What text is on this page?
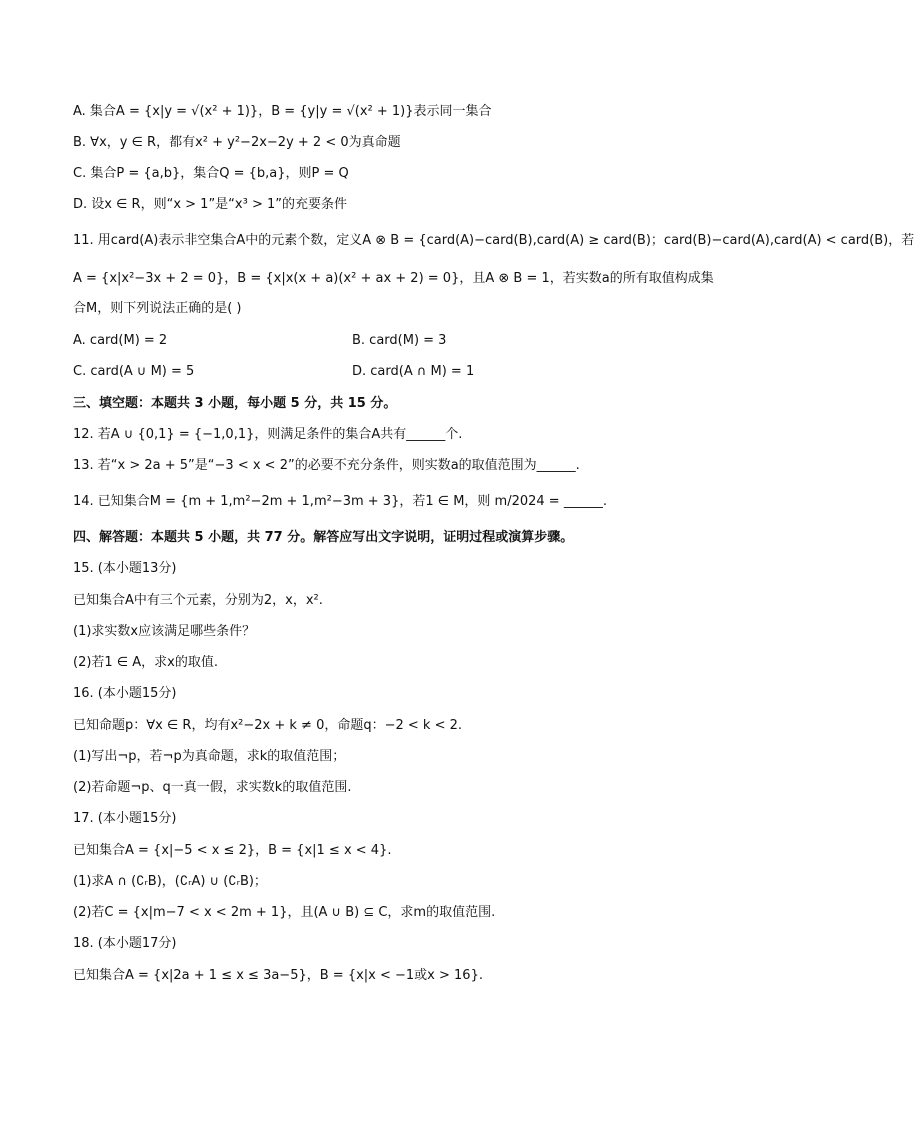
A. 集合A = {x|y = √(x² + 1)}，B = {y|y = √(x² + 1)}表示同一集合
B. ∀x，y ∈ R，都有x² + y²−2x−2y + 2 < 0为真命题
C. 集合P = {a,b}，集合Q = {b,a}，则P = Q
D. 设x ∈ R，则“x > 1”是“x³ > 1”的充要条件
11. 用card(A)表示非空集合A中的元素个数，定义A ⊗ B = {card(A)−card(B),card(A) ≥ card(B)；card(B)−card(A),card(A) < card(B)，若
A = {x|x²−3x + 2 = 0}，B = {x|x(x + a)(x² + ax + 2) = 0}，且A ⊗ B = 1，若实数a的所有取值构成集
合M，则下列说法正确的是( )
A. card(M) = 2	B. card(M) = 3
C. card(A ∪ M) = 5	D. card(A ∩ M) = 1
三、填空题：本题共 3 小题，每小题 5 分，共 15 分。
12. 若A ∪ {0,1} = {−1,0,1}，则满足条件的集合A共有______个.
13. 若“x > 2a + 5”是“−3 < x < 2”的必要不充分条件，则实数a的取值范围为______.
14. 已知集合M = {m + 1,m²−2m + 1,m²−3m + 3}，若1 ∈ M，则 m/2024 = ______.
四、解答题：本题共 5 小题，共 77 分。解答应写出文字说明，证明过程或演算步骤。
15. (本小题13分)
已知集合A中有三个元素，分别为2，x，x².
(1)求实数x应该满足哪些条件？
(2)若1 ∈ A，求x的取值.
16. (本小题15分)
已知命题p：∀x ∈ R，均有x²−2x + k ≠ 0，命题q：−2 < k < 2.
(1)写出¬p，若¬p为真命题，求k的取值范围；
(2)若命题¬p、q一真一假，求实数k的取值范围.
17. (本小题15分)
已知集合A = {x|−5 < x ≤ 2}，B = {x|1 ≤ x < 4}.
(1)求A ∩ (∁ᵣB)，(∁ᵣA) ∪ (∁ᵣB)；
(2)若C = {x|m−7 < x < 2m + 1}，且(A ∪ B) ⊆ C，求m的取值范围.
18. (本小题17分)
已知集合A = {x|2a + 1 ≤ x ≤ 3a−5}，B = {x|x < −1或x > 16}.
